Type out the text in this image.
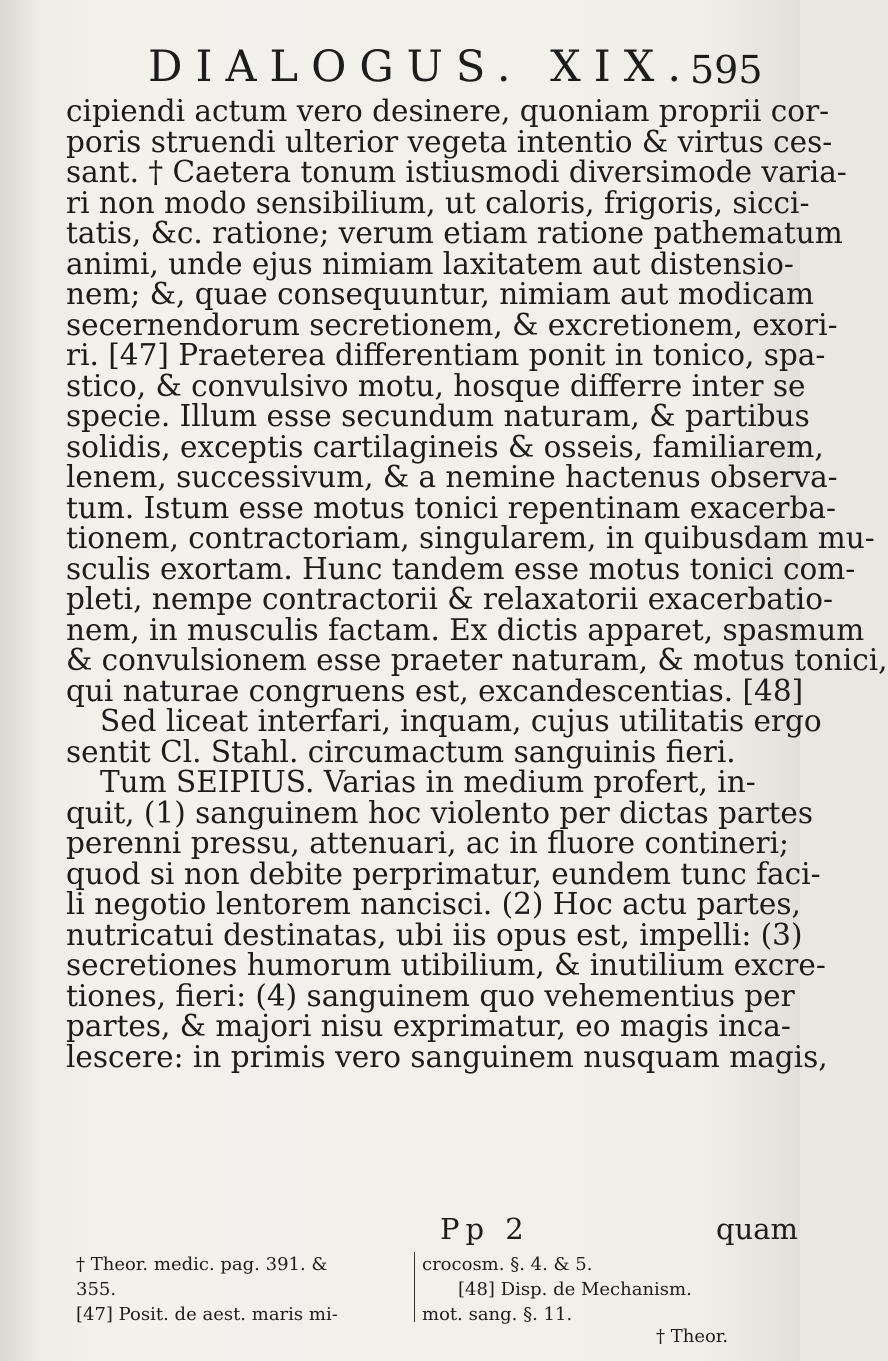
DIALOGUS. XIX.
595
cipiendi actum vero desinere, quoniam proprii cor-
poris struendi ulterior vegeta intentio & virtus ces-
sant. † Caetera tonum istiusmodi diversimode varia-
ri non modo sensibilium, ut caloris, frigoris, sicci-
tatis, &c. ratione; verum etiam ratione pathematum
animi, unde ejus nimiam laxitatem aut distensio-
nem; &, quae consequuntur, nimiam aut modicam
secernendorum secretionem, & excretionem, exori-
ri. [47] Praeterea differentiam ponit in tonico, spa-
stico, & convulsivo motu, hosque differre inter se
specie. Illum esse secundum naturam, & partibus
solidis, exceptis cartilagineis & osseis, familiarem,
lenem, successivum, & a nemine hactenus observa-
tum. Istum esse motus tonici repentinam exacerba-
tionem, contractoriam, singularem, in quibusdam mu-
sculis exortam. Hunc tandem esse motus tonici com-
pleti, nempe contractorii & relaxatorii exacerbatio-
nem, in musculis factam. Ex dictis apparet, spasmum
& convulsionem esse praeter naturam, & motus tonici,
qui naturae congruens est, excandescentias. [48]
Sed liceat interfari, inquam, cujus utilitatis ergo
sentit Cl. Stahl. circumactum sanguinis fieri.
Tum SEIPIUS. Varias in medium profert, in-
quit, (1) sanguinem hoc violento per dictas partes
perenni pressu, attenuari, ac in fluore contineri;
quod si non debite perprimatur, eundem tunc faci-
li negotio lentorem nancisci. (2) Hoc actu partes,
nutricatui destinatas, ubi iis opus est, impelli: (3)
secretiones humorum utibilium, & inutilium excre-
tiones, fieri: (4) sanguinem quo vehementius per
partes, & majori nisu exprimatur, eo magis inca-
lescere: in primis vero sanguinem nusquam magis,
Pp 2	quam
† Theor. medic. pag. 391. &
355.
[47] Posit. de aest. maris mi-
crocosm. §. 4. & 5.
[48] Disp. de Mechanism.
mot. sang. §. 11.
† Theor.
